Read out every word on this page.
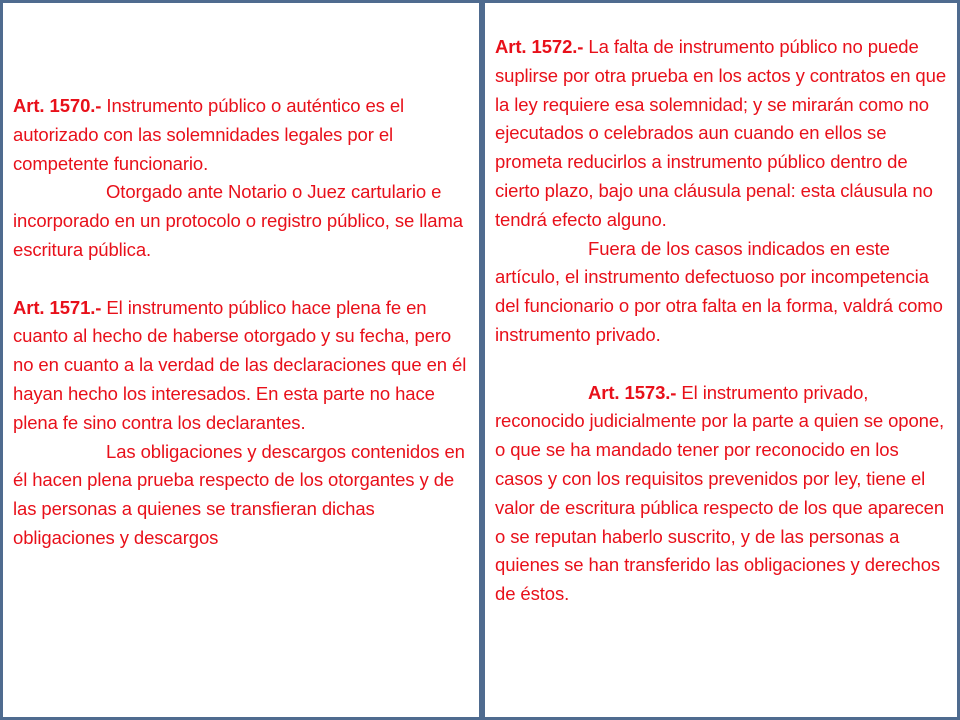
Art. 1570.- Instrumento público o auténtico es el autorizado con las solemnidades legales por el competente funcionario.

Otorgado ante Notario o Juez cartulario e incorporado en un protocolo o registro público, se llama escritura pública.

Art. 1571.- El instrumento público hace plena fe en cuanto al hecho de haberse otorgado y su fecha, pero no en cuanto a la verdad de las declaraciones que en él hayan hecho los interesados. En esta parte no hace plena fe sino contra los declarantes.

Las obligaciones y descargos contenidos en él hacen plena prueba respecto de los otorgantes y de las personas a quienes se transfieran dichas obligaciones y descargos

Art. 1572.- La falta de instrumento público no puede suplirse por otra prueba en los actos y contratos en que la ley requiere esa solemnidad; y se mirarán como no ejecutados o celebrados aun cuando en ellos se prometa reducirlos a instrumento público dentro de cierto plazo, bajo una cláusula penal: esta cláusula no tendrá efecto alguno.

Fuera de los casos indicados en este artículo, el instrumento defectuoso por incompetencia del funcionario o por otra falta en la forma, valdrá como instrumento privado.

Art. 1573.- El instrumento privado, reconocido judicialmente por la parte a quien se opone, o que se ha mandado tener por reconocido en los casos y con los requisitos prevenidos por ley, tiene el valor de escritura pública respecto de los que aparecen o se reputan haberlo suscrito, y de las personas a quienes se han transferido las obligaciones y derechos de éstos.
